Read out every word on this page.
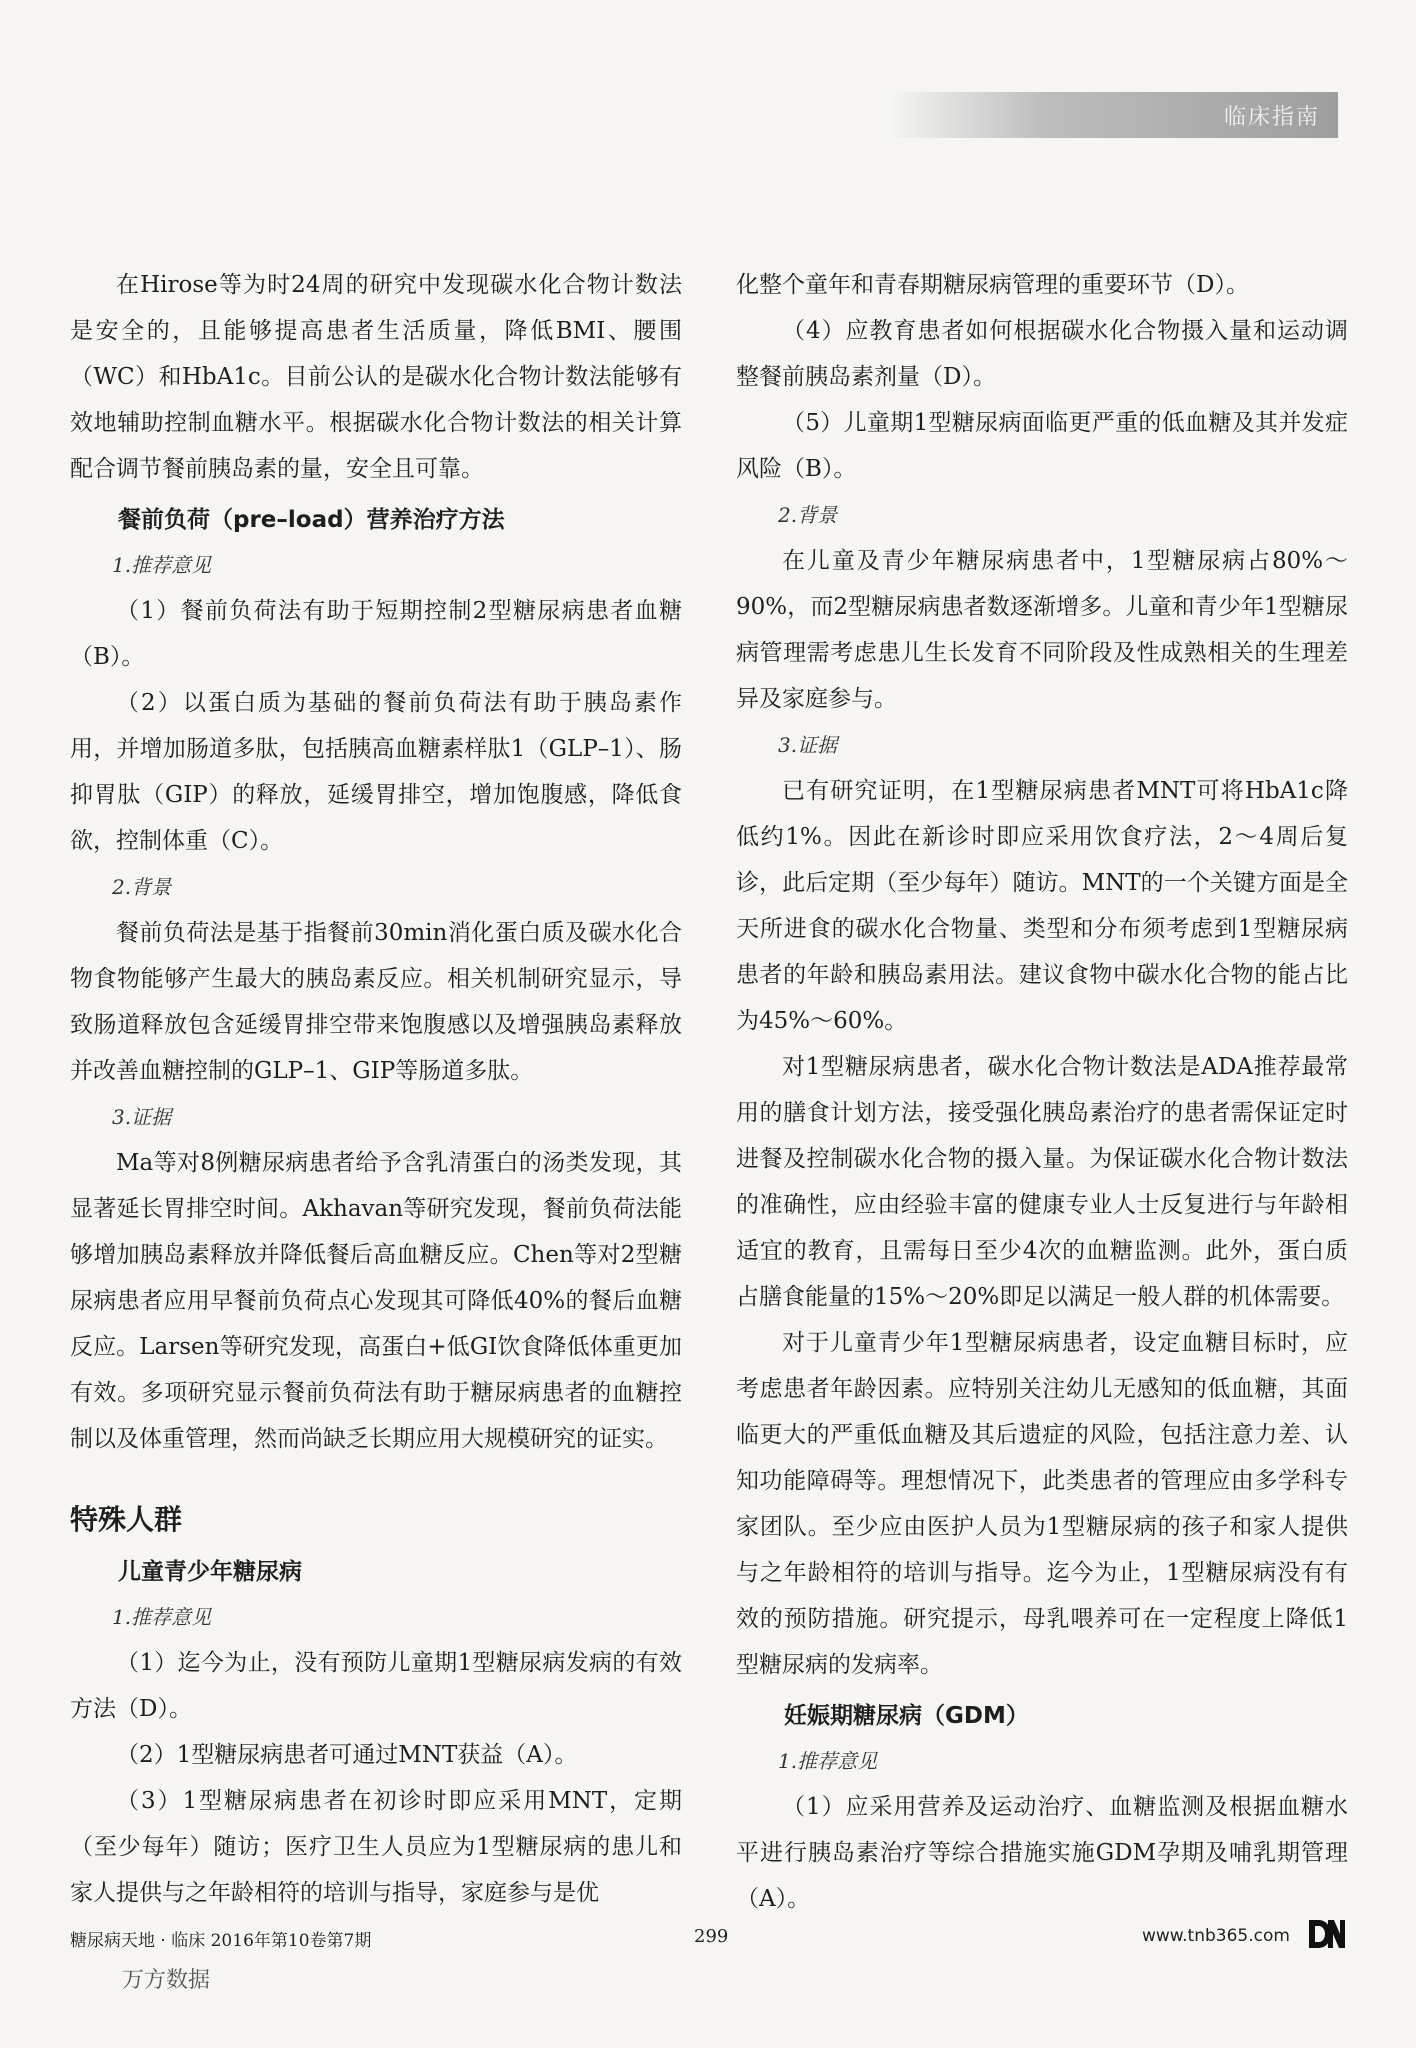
临床指南

在Hirose等为时24周的研究中发现碳水化合物计数法是安全的，且能够提高患者生活质量，降低BMI、腰围（WC）和HbA1c。目前公认的是碳水化合物计数法能够有效地辅助控制血糖水平。根据碳水化合物计数法的相关计算配合调节餐前胰岛素的量，安全且可靠。

餐前负荷（pre–load）营养治疗方法
1.推荐意见

（1）餐前负荷法有助于短期控制2型糖尿病患者血糖（B）。

（2）以蛋白质为基础的餐前负荷法有助于胰岛素作用，并增加肠道多肽，包括胰高血糖素样肽1（GLP–1）、肠抑胃肽（GIP）的释放，延缓胃排空，增加饱腹感，降低食欲，控制体重（C）。

2.背景

餐前负荷法是基于指餐前30min消化蛋白质及碳水化合物食物能够产生最大的胰岛素反应。相关机制研究显示，导致肠道释放包含延缓胃排空带来饱腹感以及增强胰岛素释放并改善血糖控制的GLP–1、GIP等肠道多肽。

3.证据

Ma等对8例糖尿病患者给予含乳清蛋白的汤类发现，其显著延长胃排空时间。Akhavan等研究发现，餐前负荷法能够增加胰岛素释放并降低餐后高血糖反应。Chen等对2型糖尿病患者应用早餐前负荷点心发现其可降低40%的餐后血糖反应。Larsen等研究发现，高蛋白+低GI饮食降低体重更加有效。多项研究显示餐前负荷法有助于糖尿病患者的血糖控制以及体重管理，然而尚缺乏长期应用大规模研究的证实。

特殊人群
儿童青少年糖尿病
1.推荐意见

（1）迄今为止，没有预防儿童期1型糖尿病发病的有效方法（D）。

（2）1型糖尿病患者可通过MNT获益（A）。

（3）1型糖尿病患者在初诊时即应采用MNT，定期（至少每年）随访；医疗卫生人员应为1型糖尿病的患儿和家人提供与之年龄相符的培训与指导，家庭参与是优

化整个童年和青春期糖尿病管理的重要环节（D）。

（4）应教育患者如何根据碳水化合物摄入量和运动调整餐前胰岛素剂量（D）。

（5）儿童期1型糖尿病面临更严重的低血糖及其并发症风险（B）。

2.背景

在儿童及青少年糖尿病患者中，1型糖尿病占80%～90%，而2型糖尿病患者数逐渐增多。儿童和青少年1型糖尿病管理需考虑患儿生长发育不同阶段及性成熟相关的生理差异及家庭参与。

3.证据

已有研究证明，在1型糖尿病患者MNT可将HbA1c降低约1%。因此在新诊时即应采用饮食疗法，2～4周后复诊，此后定期（至少每年）随访。MNT的一个关键方面是全天所进食的碳水化合物量、类型和分布须考虑到1型糖尿病患者的年龄和胰岛素用法。建议食物中碳水化合物的能占比为45%～60%。

对1型糖尿病患者，碳水化合物计数法是ADA推荐最常用的膳食计划方法，接受强化胰岛素治疗的患者需保证定时进餐及控制碳水化合物的摄入量。为保证碳水化合物计数法的准确性，应由经验丰富的健康专业人士反复进行与年龄相适宜的教育，且需每日至少4次的血糖监测。此外，蛋白质占膳食能量的15%～20%即足以满足一般人群的机体需要。

对于儿童青少年1型糖尿病患者，设定血糖目标时，应考虑患者年龄因素。应特别关注幼儿无感知的低血糖，其面临更大的严重低血糖及其后遗症的风险，包括注意力差、认知功能障碍等。理想情况下，此类患者的管理应由多学科专家团队。至少应由医护人员为1型糖尿病的孩子和家人提供与之年龄相符的培训与指导。迄今为止，1型糖尿病没有有效的预防措施。研究提示，母乳喂养可在一定程度上降低1型糖尿病的发病率。

妊娠期糖尿病（GDM）
1.推荐意见

（1）应采用营养及运动治疗、血糖监测及根据血糖水平进行胰岛素治疗等综合措施实施GDM孕期及哺乳期管理（A）。

糖尿病天地 · 临床 2016年第10卷第7期	299	www.tnb365.com
万方数据
